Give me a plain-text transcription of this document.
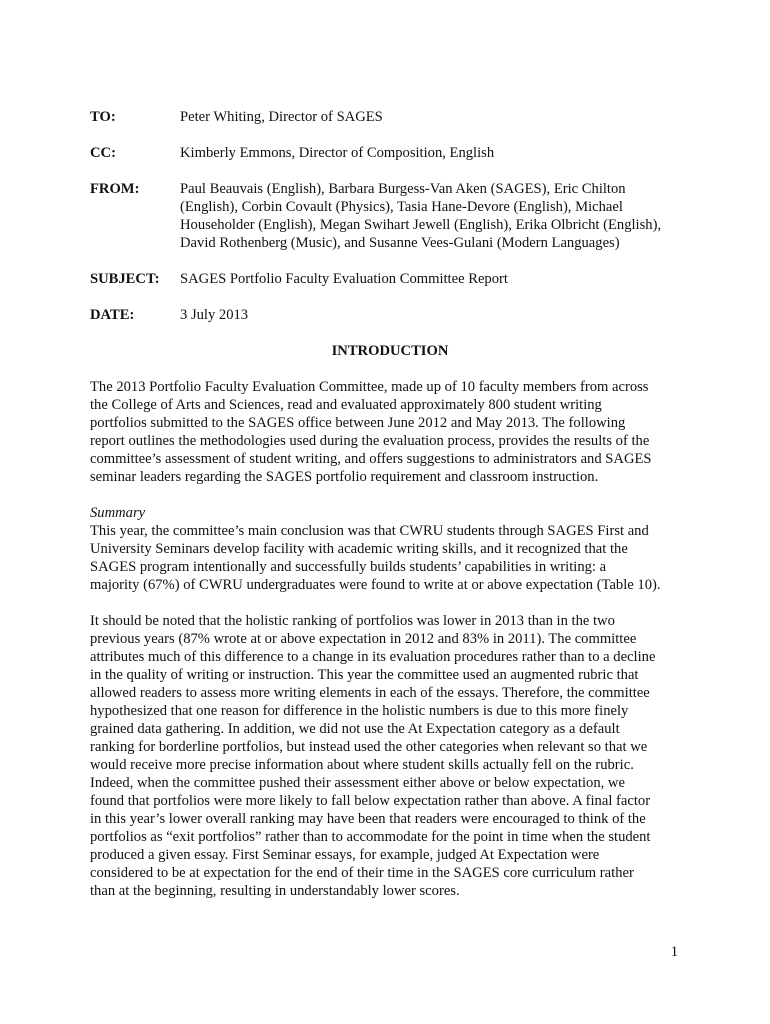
TO:	Peter Whiting, Director of SAGES
CC:	Kimberly Emmons, Director of Composition, English
FROM:	Paul Beauvais (English), Barbara Burgess-Van Aken (SAGES), Eric Chilton
(English), Corbin Covault (Physics), Tasia Hane-Devore (English), Michael
Householder (English), Megan Swihart Jewell (English), Erika Olbricht (English),
David Rothenberg (Music), and Susanne Vees-Gulani (Modern Languages)
SUBJECT:	SAGES Portfolio Faculty Evaluation Committee Report
DATE:	3 July 2013
INTRODUCTION
The 2013 Portfolio Faculty Evaluation Committee, made up of 10 faculty members from across
the College of Arts and Sciences, read and evaluated approximately 800 student writing
portfolios submitted to the SAGES office between June 2012 and May 2013. The following
report outlines the methodologies used during the evaluation process, provides the results of the
committee’s assessment of student writing, and offers suggestions to administrators and SAGES
seminar leaders regarding the SAGES portfolio requirement and classroom instruction.
Summary
This year, the committee’s main conclusion was that CWRU students through SAGES First and
University Seminars develop facility with academic writing skills, and it recognized that the
SAGES program intentionally and successfully builds students’ capabilities in writing: a
majority (67%) of CWRU undergraduates were found to write at or above expectation (Table 10).
It should be noted that the holistic ranking of portfolios was lower in 2013 than in the two
previous years (87% wrote at or above expectation in 2012 and 83% in 2011). The committee
attributes much of this difference to a change in its evaluation procedures rather than to a decline
in the quality of writing or instruction. This year the committee used an augmented rubric that
allowed readers to assess more writing elements in each of the essays. Therefore, the committee
hypothesized that one reason for difference in the holistic numbers is due to this more finely
grained data gathering. In addition, we did not use the At Expectation category as a default
ranking for borderline portfolios, but instead used the other categories when relevant so that we
would receive more precise information about where student skills actually fell on the rubric.
Indeed, when the committee pushed their assessment either above or below expectation, we
found that portfolios were more likely to fall below expectation rather than above. A final factor
in this year’s lower overall ranking may have been that readers were encouraged to think of the
portfolios as “exit portfolios” rather than to accommodate for the point in time when the student
produced a given essay. First Seminar essays, for example, judged At Expectation were
considered to be at expectation for the end of their time in the SAGES core curriculum rather
than at the beginning, resulting in understandably lower scores.
1
